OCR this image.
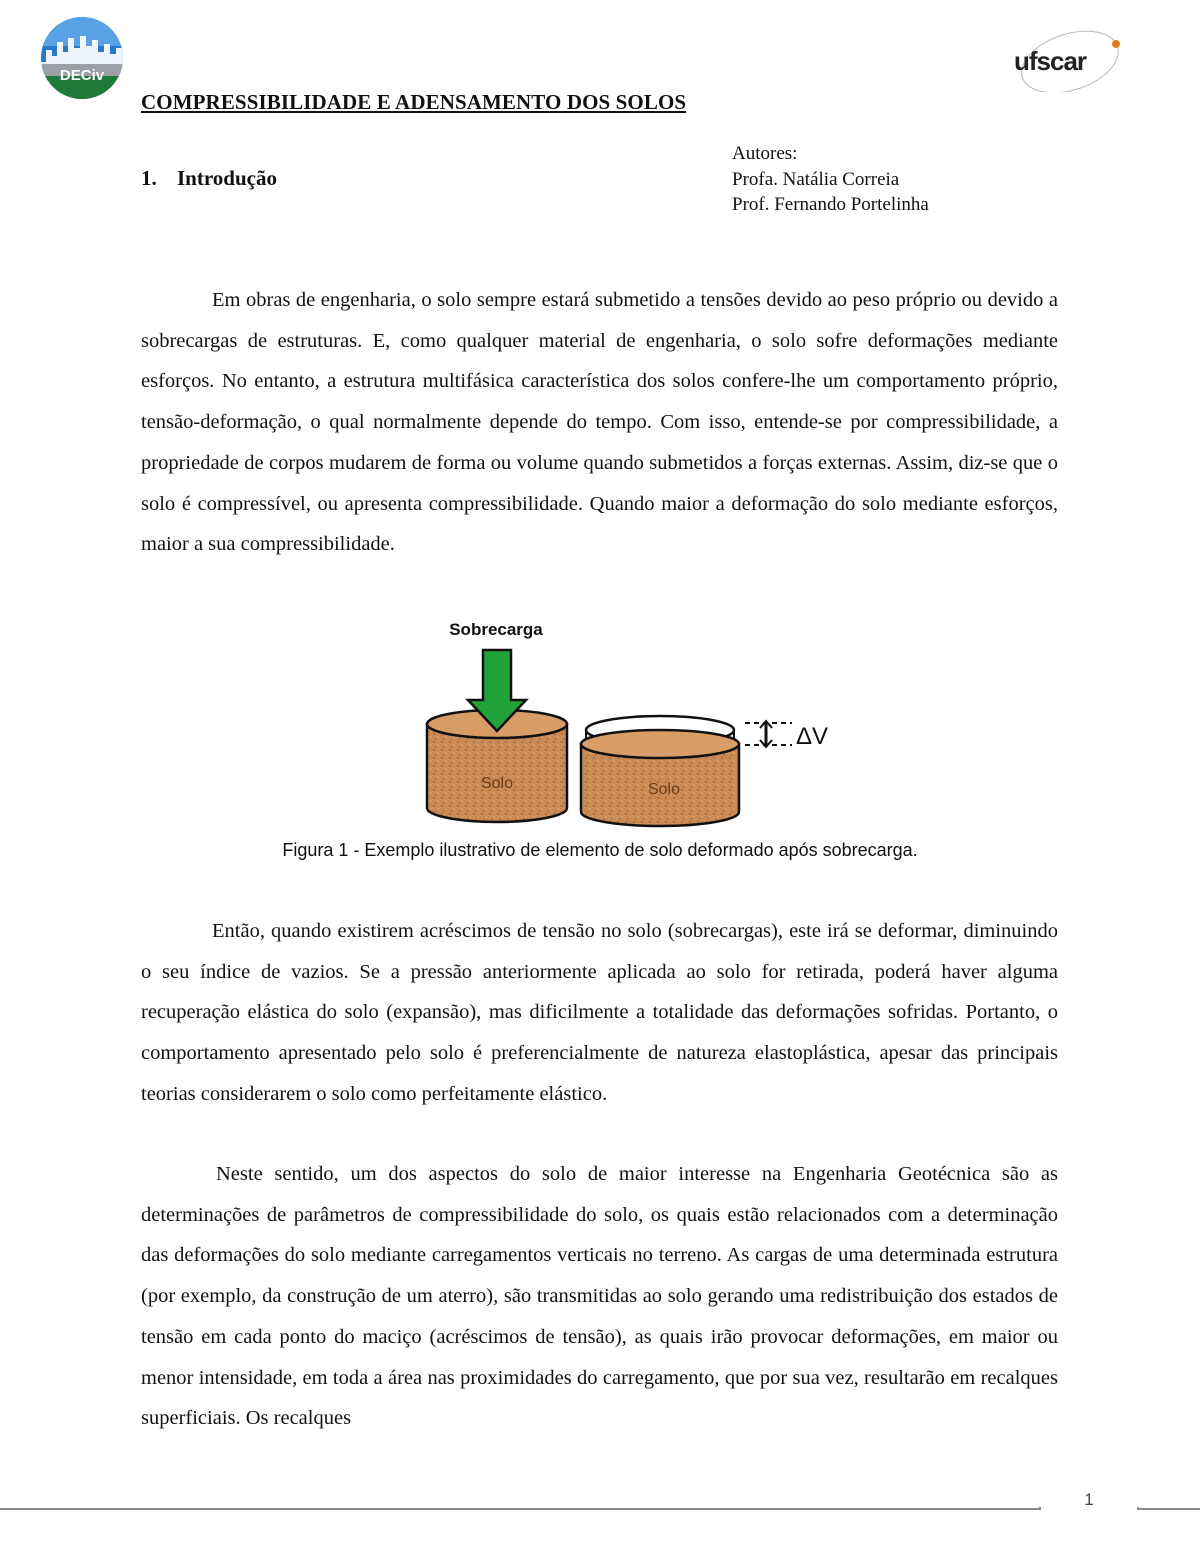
DECiv	ufscar
COMPRESSIBILIDADE E ADENSAMENTO DOS SOLOS
1. Introdução
Autores:
Profa. Natália Correia
Prof. Fernando Portelinha

Em obras de engenharia, o solo sempre estará submetido a tensões devido ao peso próprio ou devido a sobrecargas de estruturas. E, como qualquer material de engenharia, o solo sofre deformações mediante esforços. No entanto, a estrutura multifásica característica dos solos confere-lhe um comportamento próprio, tensão-deformação, o qual normalmente depende do tempo. Com isso, entende-se por compressibilidade, a propriedade de corpos mudarem de forma ou volume quando submetidos a forças externas. Assim, diz-se que o solo é compressível, ou apresenta compressibilidade. Quando maior a deformação do solo mediante esforços, maior a sua compressibilidade.

Sobrecarga
Solo	Solo
ΔV
Figura 1 - Exemplo ilustrativo de elemento de solo deformado após sobrecarga.

Então, quando existirem acréscimos de tensão no solo (sobrecargas), este irá se deformar, diminuindo o seu índice de vazios. Se a pressão anteriormente aplicada ao solo for retirada, poderá haver alguma recuperação elástica do solo (expansão), mas dificilmente a totalidade das deformações sofridas. Portanto, o comportamento apresentado pelo solo é preferencialmente de natureza elastoplástica, apesar das principais teorias considerarem o solo como perfeitamente elástico.

Neste sentido, um dos aspectos do solo de maior interesse na Engenharia Geotécnica são as determinações de parâmetros de compressibilidade do solo, os quais estão relacionados com a determinação das deformações do solo mediante carregamentos verticais no terreno. As cargas de uma determinada estrutura (por exemplo, da construção de um aterro), são transmitidas ao solo gerando uma redistribuição dos estados de tensão em cada ponto do maciço (acréscimos de tensão), as quais irão provocar deformações, em maior ou menor intensidade, em toda a área nas proximidades do carregamento, que por sua vez, resultarão em recalques superficiais. Os recalques

1
